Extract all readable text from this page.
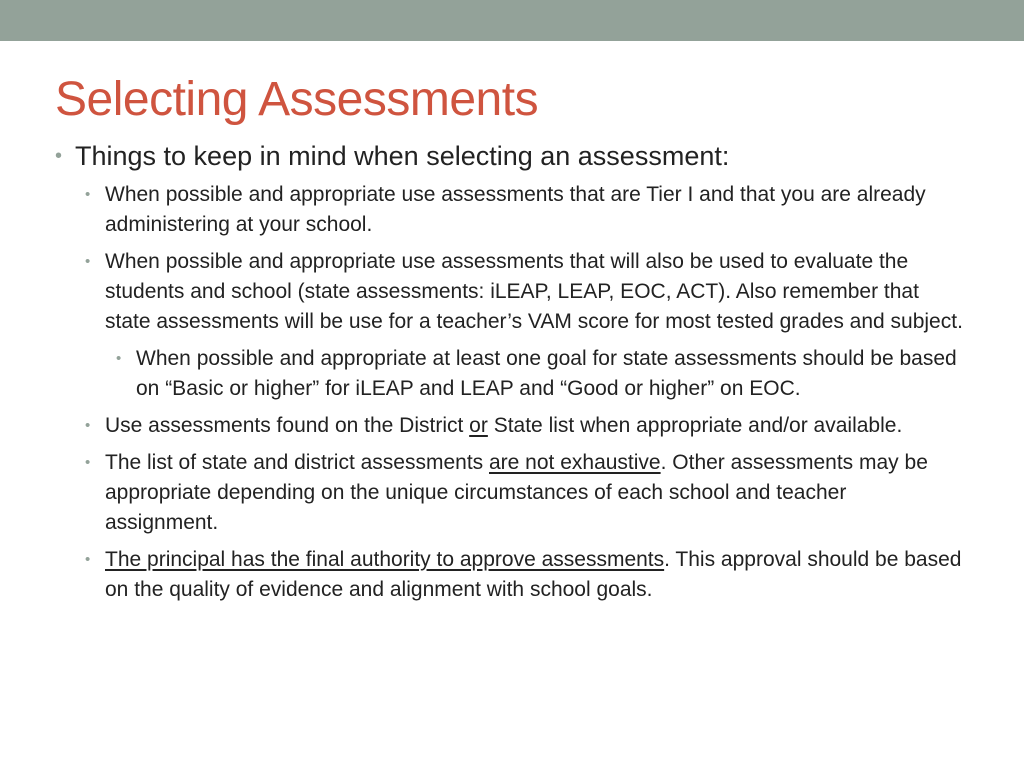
Selecting Assessments
• Things to keep in mind when selecting an assessment:
• When possible and appropriate use assessments that are Tier I and that you are already administering at your school.
• When possible and appropriate use assessments that will also be used to evaluate the students and school (state assessments: iLEAP, LEAP, EOC, ACT). Also remember that state assessments will be use for a teacher’s VAM score for most tested grades and subject.
• When possible and appropriate at least one goal for state assessments should be based on “Basic or higher” for iLEAP and LEAP and “Good or higher” on EOC.
• Use assessments found on the District or State list when appropriate and/or available.
• The list of state and district assessments are not exhaustive. Other assessments may be appropriate depending on the unique circumstances of each school and teacher assignment.
• The principal has the final authority to approve assessments. This approval should be based on the quality of evidence and alignment with school goals.
